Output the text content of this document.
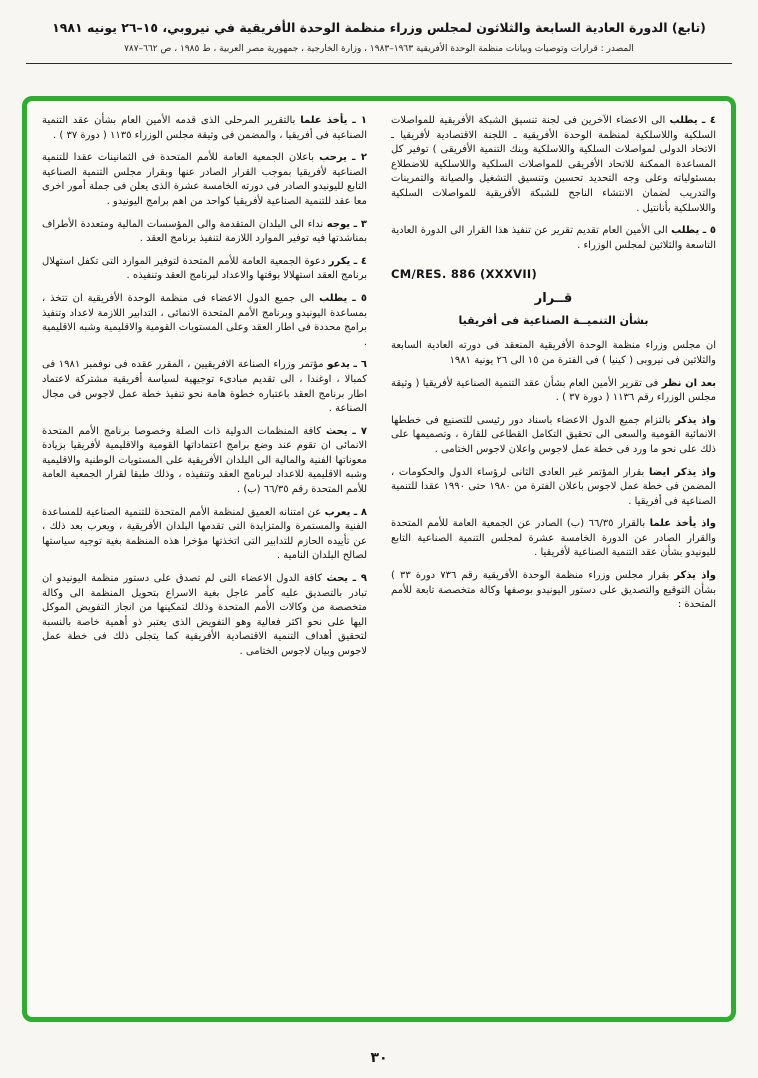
(تابع) الدورة العادية السابعة والثلاثون لمجلس وزراء منظمة الوحدة الأفريقية في نيروبي، ١٥–٢٦ يونيه ١٩٨١
المصدر : قرارات وتوصيات وبيانات منظمة الوحدة الأفريقية ١٩٦٣–١٩٨٣ ، وزارة الخارجية ، جمهورية مصر العربية ، ط ١٩٨٥ ، ص ٦٦٢–٧٨٧

٤ ـ يطلب الى الاعضاء الآخرين فى لجنة تنسيق الشبكة الأفريقية للمواصلات السلكية واللاسلكية لمنظمة الوحدة الأفريقية ـ اللجنة الاقتصادية لأفريقيا ـ الاتحاد الدولى لمواصلات السلكية واللاسلكية وبنك التنمية الأفريقى ) توفير كل المساعدة الممكنة للاتحاد الأفريقى للمواصلات السلكية واللاسلكية للاضطلاع بمسئولياته وعلى وجه التحديد تحسين وتنسيق التشغيل والصيانة والتمرينات والتدريب لضمان الانتشاء الناجح للشبكة الأفريقية للمواصلات السلكية واللاسلكية بأنانتيل .

٥ ـ يطلب الى الأمين العام تقديم تقرير عن تنفيذ هذا القرار الى الدورة العادية التاسعة والثلاثين لمجلس الوزراء .

CM/RES. 886 (XXXVII)
قــرار
بشأن التنميــة الصناعية فى أفريقيا

ان مجلس وزراء منظمة الوحدة الأفريقية المنعقد فى دورته العادية السابعة والثلاثين فى نيروبى ( كينيا ) فى الفترة من ١٥ الى ٢٦ يونية ١٩٨١

بعد ان نظر فى تقرير الأمين العام بشأن عقد التنمية الصناعية لأفريقيا ( وثيقة مجلس الوزراء رقم ١١٣٦ ( دورة ٣٧ ) .

واذ يذكر بالتزام جميع الدول الاعضاء باسناد دور رئيسى للتصنيع فى خططها الانمائية القومية والسعى الى تحقيق التكامل القطاعى للقارة ، وتصميمها على ذلك على نحو ما ورد فى خطة عمل لاجوس واعلان لاجوس الختامى .

واذ يذكر ايضا بقرار المؤتمر غير العادى الثانى لرؤساء الدول والحكومات ، المضمن فى خطة عمل لاجوس باعلان الفترة من ١٩٨٠ حتى ١٩٩٠ عقدا للتنمية الصناعية فى أفريقيا .

واذ يأخذ علما بالقرار ٦٦/٣٥ (ب) الصادر عن الجمعية العامة للأمم المتحدة والقرار الصادر عن الدورة الخامسة عشرة لمجلس التنمية الصناعية التابع لليونيدو بشأن عقد التنمية الصناعية لأفريقيا .

واذ يذكر بقرار مجلس وزراء منظمة الوحدة الأفريقية رقم ٧٣٦ دورة ٣٣ ) بشأن التوقيع والتصديق على دستور اليونيدو بوصفها وكالة متخصصة تابعة للأمم المتحدة :

١ ـ يأخذ علما بالتقرير المرحلى الذى قدمه الأمين العام بشأن عقد التنمية الصناعية فى أفريقيا ، والمضمن فى وثيقة مجلس الوزراء ١١٣٥ ( دورة ٣٧ ) .

٢ ـ يرحب باعلان الجمعية العامة للأمم المتحدة فى الثمانينات عقدا للتنمية الصناعية لأفريقيا بموجب القرار الصادر عنها وبقرار مجلس التنمية الصناعية التابع لليونيدو الصادر فى دورته الخامسة عشرة الذى يعلن فى جملة أمور اخرى معا عقد للتنمية الصناعية لأفريقيا كواحد من اهم برامج اليونيدو .

٣ ـ يوجه نداء الى البلدان المتقدمة والى المؤسسات المالية ومتعددة الأطراف بمناشدتها فيه توفير الموارد اللازمة لتنفيذ برنامج العقد .

٤ ـ يكرر دعوة الجمعية العامة للأمم المتحدة لتوفير الموارد التى تكفل استهلال برنامج العقد استهلالا بوقتها والاعداد لبرنامج العقد وتنفيذه .

٥ ـ يطلب الى جميع الدول الاعضاء فى منظمة الوحدة الأفريقية ان تتخذ ، بمساعدة اليونيدو وبرنامج الأمم المتحدة الانمائى ، التدابير اللازمة لاعداد وتنفيذ برامج محددة فى اطار العقد وعلى المستويات القومية والاقليمية وشبه الاقليمية .

٦ ـ يدعو مؤتمر وزراء الصناعة الافريقيين ، المقرر عقده فى نوفمبر ١٩٨١ فى كمبالا ، اوغندا ، الى تقديم مبادىء توجيهية لسياسة أفريقية مشتركة لاعتماد اطار برنامج العقد باعتباره خطوة هامة نحو تنفيذ خطة عمل لاجوس فى مجال الصناعة .

٧ ـ يحث كافة المنظمات الدولية ذات الصلة وخصوصا برنامج الأمم المتحدة الانمائى ان تقوم عند وضع برامج اعتماداتها القومية والاقليمية لأفريقيا بزيادة معوناتها الفنية والمالية الى البلدان الأفريقية على المستويات الوطنية والاقليمية وشبه الاقليمية للاعداد لبرنامج العقد وتنفيذه ، وذلك طبقا لقرار الجمعية العامة للأمم المتحدة رقم ٦٦/٣٥ (ب) .

٨ ـ يعرب عن امتنانه العميق لمنظمة الأمم المتحدة للتنمية الصناعية للمساعدة الفنية والمستمرة والمتزايدة التى تقدمها البلدان الأفريقية ، ويعرب بعد ذلك ، عن تأييده الحازم للتدابير التى اتخذتها مؤخرا هذه المنظمة بغية توجيه سياستها لصالح البلدان النامية .

٩ ـ يحث كافة الدول الاعضاء التى لم تصدق على دستور منظمة اليونيدو ان تبادر بالتصديق عليه كأمر عاجل بغية الاسراع بتحويل المنظمة الى وكالة متخصصة من وكالات الأمم المتحدة وذلك لتمكينها من انجاز التفويض الموكل اليها على نحو اكثر فعالية وهو التفويض الذى يعتبر ذو أهمية خاصة بالنسبة لتحقيق أهداف التنمية الاقتصادية الأفريقية كما يتجلى ذلك فى خطة عمل لاجوس وبيان لاجوس الختامى .

٣٠
